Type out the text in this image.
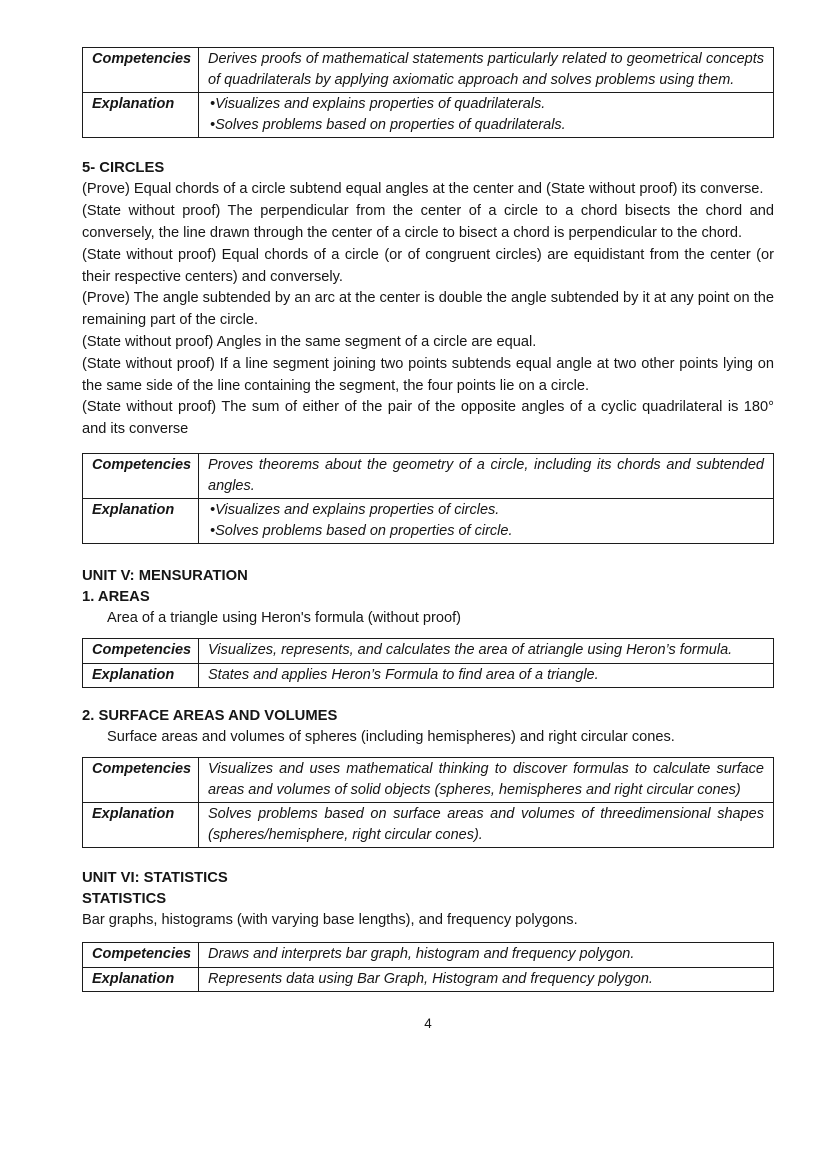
Competencies	Derives proofs of mathematical statements particularly related to geometrical concepts of quadrilaterals by applying axiomatic approach and solves problems using them.

Explanation	• Visualizes and explains properties of quadrilaterals.
• Solves problems based on properties of quadrilaterals.
5- CIRCLES

(Prove) Equal chords of a circle subtend equal angles at the center and (State without proof) its converse.

(State without proof) The perpendicular from the center of a circle to a chord bisects the chord and conversely, the line drawn through the center of a circle to bisect a chord is perpendicular to the chord.

(State without proof) Equal chords of a circle (or of congruent circles) are equidistant from the center (or their respective centers) and conversely.

(Prove) The angle subtended by an arc at the center is double the angle subtended by it at any point on the remaining part of the circle.

(State without proof) Angles in the same segment of a circle are equal.

(State without proof) If a line segment joining two points subtends equal angle at two other points lying on the same side of the line containing the segment, the four points lie on a circle.

(State without proof) The sum of either of the pair of the opposite angles of a cyclic quadrilateral is 180° and its converse

Competencies	Proves theorems about the geometry of a circle, including its chords and subtended angles.

Explanation	• Visualizes and explains properties of circles.
• Solves problems based on properties of circle.
UNIT V: MENSURATION
1. AREAS
Area of a triangle using Heron's formula (without proof)
Competencies	Visualizes, represents, and calculates the area of atriangle using Heron’s formula.

Explanation	States and applies Heron’s Formula to find area of a triangle.
2. SURFACE AREAS AND VOLUMES
Surface areas and volumes of spheres (including hemispheres) and right circular cones.
Competencies	Visualizes and uses mathematical thinking to discover formulas to calculate surface areas and volumes of solid objects (spheres, hemispheres and right circular cones)

Explanation	Solves problems based on surface areas and volumes of threedimensional shapes (spheres/hemisphere, right circular cones).
UNIT VI: STATISTICS
STATISTICS
Bar graphs, histograms (with varying base lengths), and frequency polygons.
Competencies	Draws and interprets bar graph, histogram and frequency polygon.

Explanation	Represents data using Bar Graph, Histogram and frequency polygon.
4
